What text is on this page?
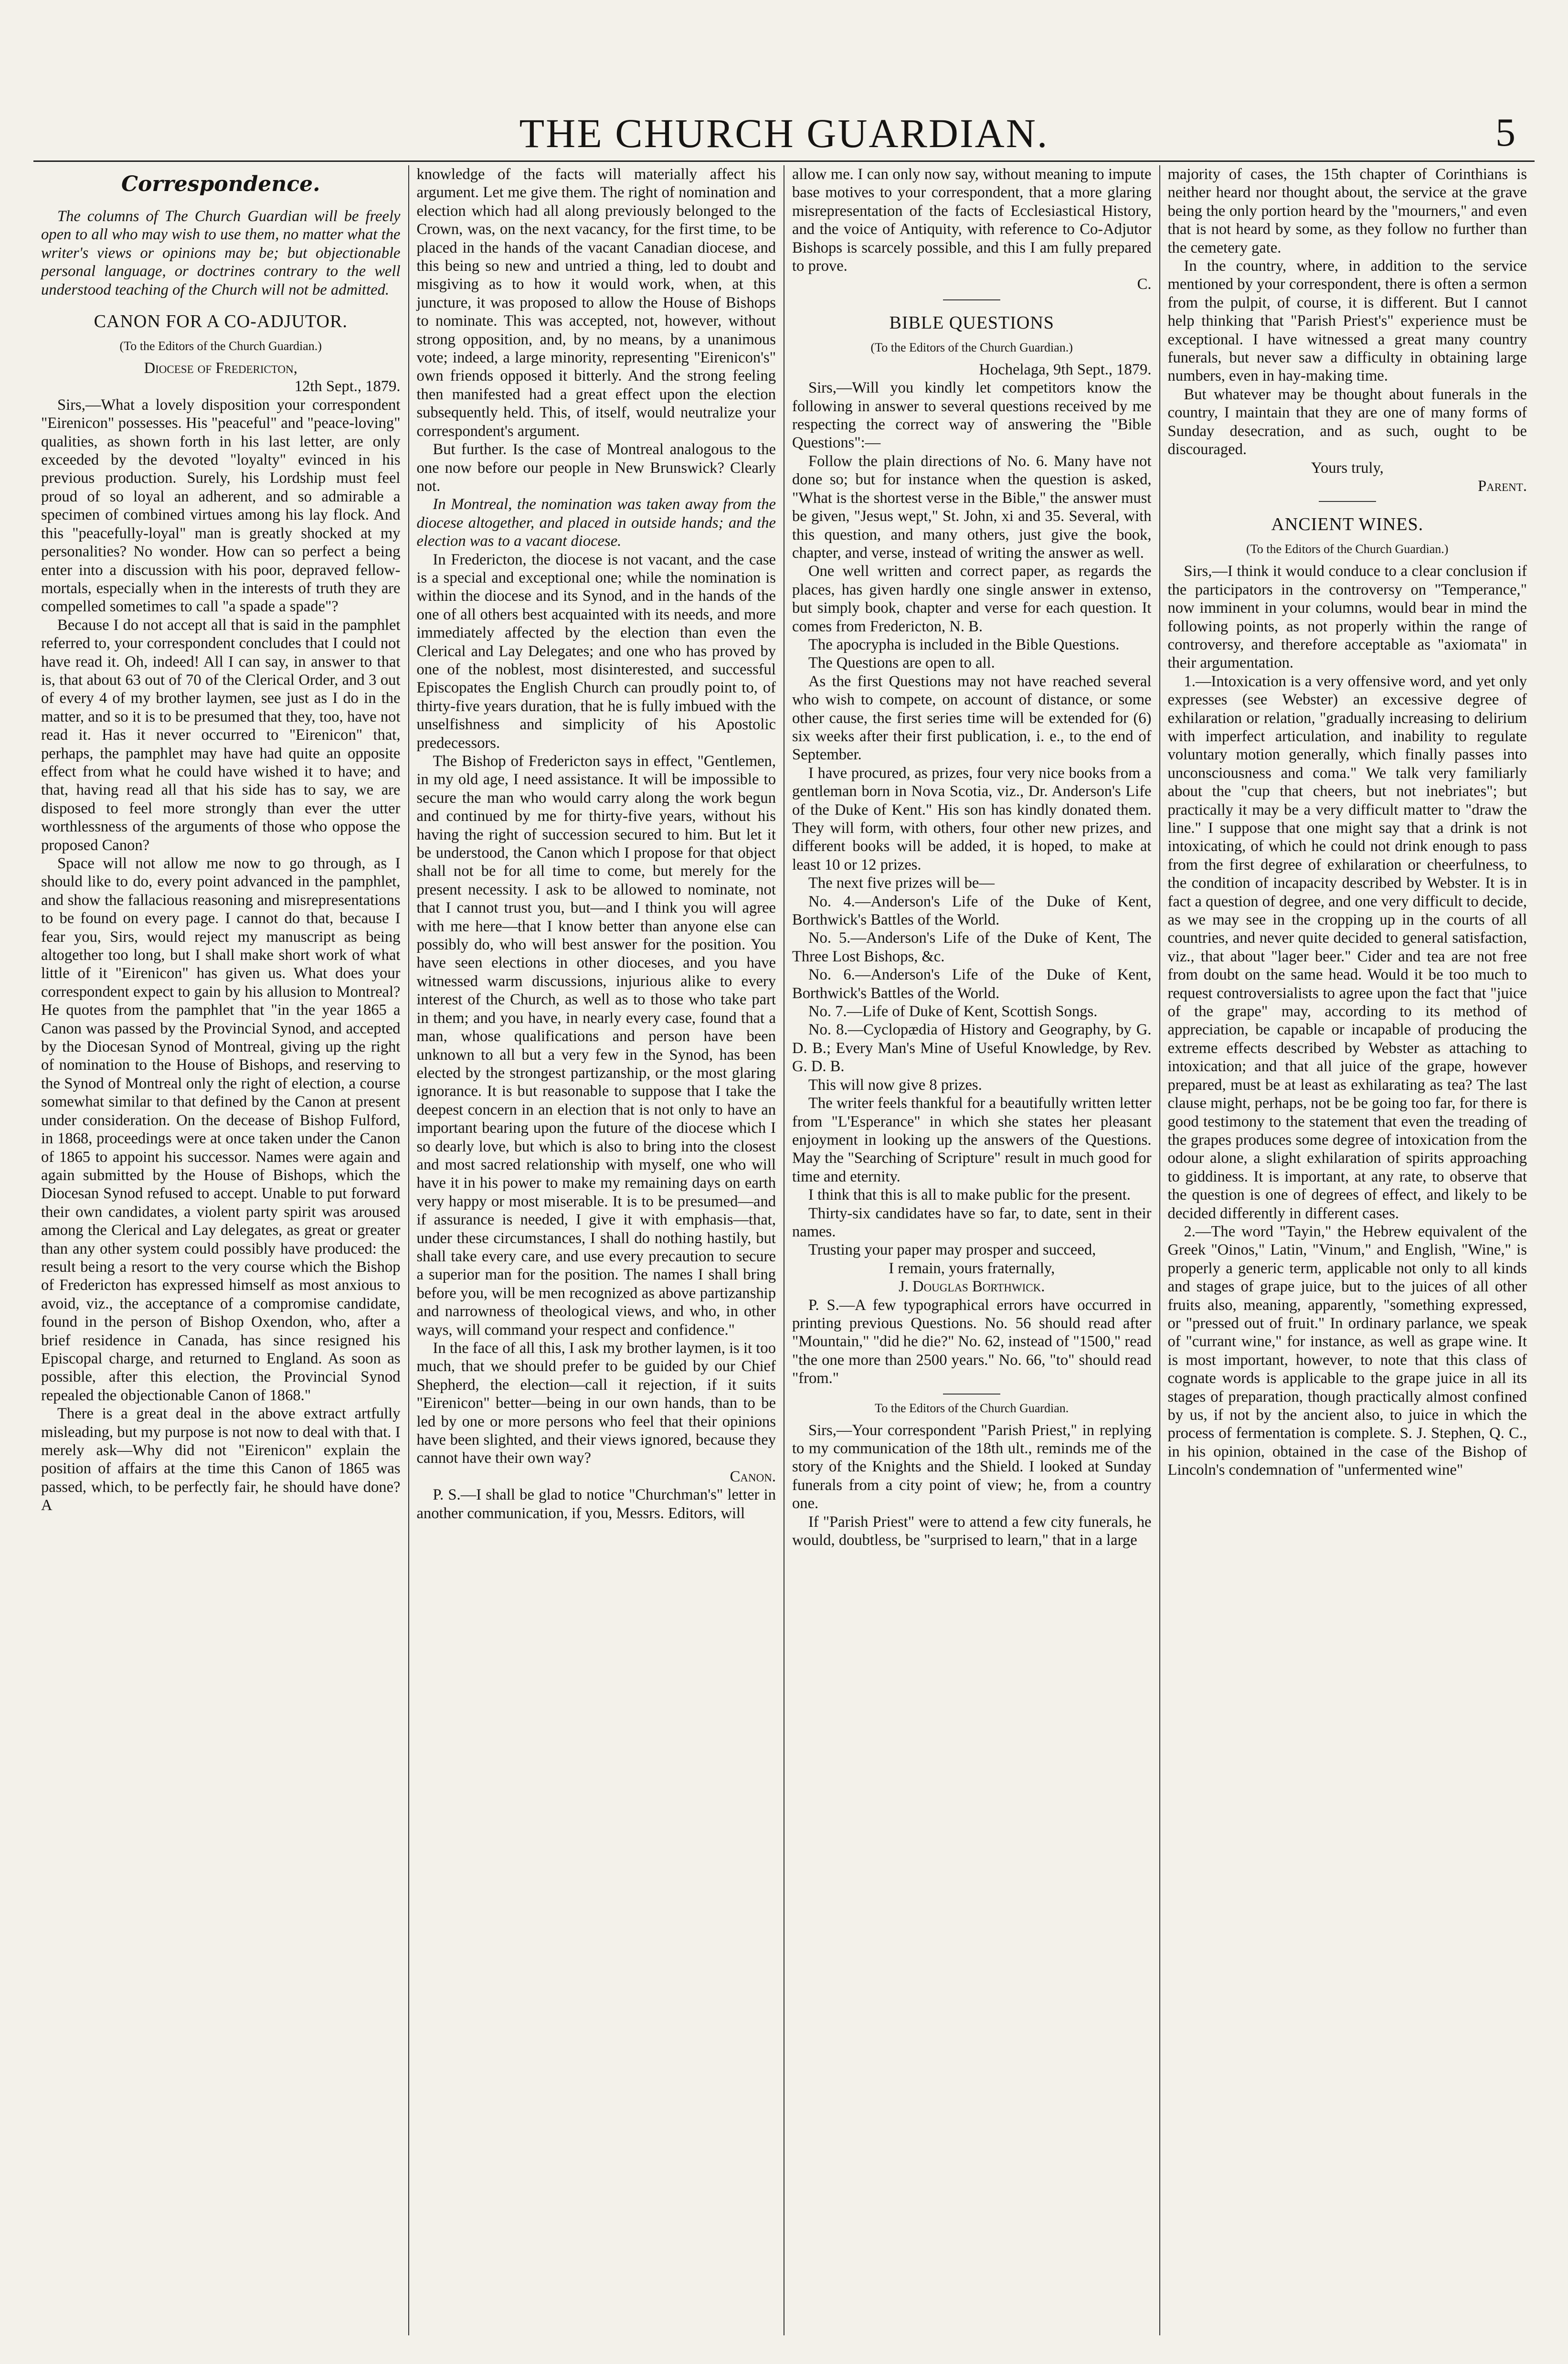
THE CHURCH GUARDIAN.	5
Correspondence.

The columns of The Church Guardian will be freely open to all who may wish to use them, no matter what the writer's views or opinions may be; but objectionable personal language, or doctrines contrary to the well understood teaching of the Church will not be admitted.

CANON FOR A CO-ADJUTOR.
(To the Editors of the Church Guardian.)

Diocese of Fredericton,

12th Sept., 1879.

Sirs,—What a lovely disposition your correspondent "Eirenicon" possesses. His "peaceful" and "peace-loving" qualities, as shown forth in his last letter, are only exceeded by the devoted "loyalty" evinced in his previous production. Surely, his Lordship must feel proud of so loyal an adherent, and so admirable a specimen of combined virtues among his lay flock. And this "peacefully-loyal" man is greatly shocked at my personalities? No wonder. How can so perfect a being enter into a discussion with his poor, depraved fellow-mortals, especially when in the interests of truth they are compelled sometimes to call "a spade a spade"?

Because I do not accept all that is said in the pamphlet referred to, your correspondent concludes that I could not have read it. Oh, indeed! All I can say, in answer to that is, that about 63 out of 70 of the Clerical Order, and 3 out of every 4 of my brother laymen, see just as I do in the matter, and so it is to be presumed that they, too, have not read it. Has it never occurred to "Eirenicon" that, perhaps, the pamphlet may have had quite an opposite effect from what he could have wished it to have; and that, having read all that his side has to say, we are disposed to feel more strongly than ever the utter worthlessness of the arguments of those who oppose the proposed Canon?

Space will not allow me now to go through, as I should like to do, every point advanced in the pamphlet, and show the fallacious reasoning and misrepresentations to be found on every page. I cannot do that, because I fear you, Sirs, would reject my manuscript as being altogether too long, but I shall make short work of what little of it "Eirenicon" has given us. What does your correspondent expect to gain by his allusion to Montreal? He quotes from the pamphlet that "in the year 1865 a Canon was passed by the Provincial Synod, and accepted by the Diocesan Synod of Montreal, giving up the right of nomination to the House of Bishops, and reserving to the Synod of Montreal only the right of election, a course somewhat similar to that defined by the Canon at present under consideration. On the decease of Bishop Fulford, in 1868, proceedings were at once taken under the Canon of 1865 to appoint his successor. Names were again and again submitted by the House of Bishops, which the Diocesan Synod refused to accept. Unable to put forward their own candidates, a violent party spirit was aroused among the Clerical and Lay delegates, as great or greater than any other system could possibly have produced: the result being a resort to the very course which the Bishop of Fredericton has expressed himself as most anxious to avoid, viz., the acceptance of a compromise candidate, found in the person of Bishop Oxendon, who, after a brief residence in Canada, has since resigned his Episcopal charge, and returned to England. As soon as possible, after this election, the Provincial Synod repealed the objectionable Canon of 1868."

There is a great deal in the above extract artfully misleading, but my purpose is not now to deal with that. I merely ask—Why did not "Eirenicon" explain the position of affairs at the time this Canon of 1865 was passed, which, to be perfectly fair, he should have done? A

knowledge of the facts will materially affect his argument. Let me give them. The right of nomination and election which had all along previously belonged to the Crown, was, on the next vacancy, for the first time, to be placed in the hands of the vacant Canadian diocese, and this being so new and untried a thing, led to doubt and misgiving as to how it would work, when, at this juncture, it was proposed to allow the House of Bishops to nominate. This was accepted, not, however, without strong opposition, and, by no means, by a unanimous vote; indeed, a large minority, representing "Eirenicon's" own friends opposed it bitterly. And the strong feeling then manifested had a great effect upon the election subsequently held. This, of itself, would neutralize your correspondent's argument.

But further. Is the case of Montreal analogous to the one now before our people in New Brunswick? Clearly not.

In Montreal, the nomination was taken away from the diocese altogether, and placed in outside hands; and the election was to a vacant diocese.

In Fredericton, the diocese is not vacant, and the case is a special and exceptional one; while the nomination is within the diocese and its Synod, and in the hands of the one of all others best acquainted with its needs, and more immediately affected by the election than even the Clerical and Lay Delegates; and one who has proved by one of the noblest, most disinterested, and successful Episcopates the English Church can proudly point to, of thirty-five years duration, that he is fully imbued with the unselfishness and simplicity of his Apostolic predecessors.

The Bishop of Fredericton says in effect, "Gentlemen, in my old age, I need assistance. It will be impossible to secure the man who would carry along the work begun and continued by me for thirty-five years, without his having the right of succession secured to him. But let it be understood, the Canon which I propose for that object shall not be for all time to come, but merely for the present necessity. I ask to be allowed to nominate, not that I cannot trust you, but—and I think you will agree with me here—that I know better than anyone else can possibly do, who will best answer for the position. You have seen elections in other dioceses, and you have witnessed warm discussions, injurious alike to every interest of the Church, as well as to those who take part in them; and you have, in nearly every case, found that a man, whose qualifications and person have been unknown to all but a very few in the Synod, has been elected by the strongest partizanship, or the most glaring ignorance. It is but reasonable to suppose that I take the deepest concern in an election that is not only to have an important bearing upon the future of the diocese which I so dearly love, but which is also to bring into the closest and most sacred relationship with myself, one who will have it in his power to make my remaining days on earth very happy or most miserable. It is to be presumed—and if assurance is needed, I give it with emphasis—that, under these circumstances, I shall do nothing hastily, but shall take every care, and use every precaution to secure a superior man for the position. The names I shall bring before you, will be men recognized as above partizanship and narrowness of theological views, and who, in other ways, will command your respect and confidence."

In the face of all this, I ask my brother laymen, is it too much, that we should prefer to be guided by our Chief Shepherd, the election—call it rejection, if it suits "Eirenicon" better—being in our own hands, than to be led by one or more persons who feel that their opinions have been slighted, and their views ignored, because they cannot have their own way?

Canon.

P. S.—I shall be glad to notice "Churchman's" letter in another communication, if you, Messrs. Editors, will

allow me. I can only now say, without meaning to impute base motives to your correspondent, that a more glaring misrepresentation of the facts of Ecclesiastical History, and the voice of Antiquity, with reference to Co-Adjutor Bishops is scarcely possible, and this I am fully prepared to prove.

C.

BIBLE QUESTIONS
(To the Editors of the Church Guardian.)

Hochelaga, 9th Sept., 1879.

Sirs,—Will you kindly let competitors know the following in answer to several questions received by me respecting the correct way of answering the "Bible Questions":—

Follow the plain directions of No. 6. Many have not done so; but for instance when the question is asked, "What is the shortest verse in the Bible," the answer must be given, "Jesus wept," St. John, xi and 35. Several, with this question, and many others, just give the book, chapter, and verse, instead of writing the answer as well.

One well written and correct paper, as regards the places, has given hardly one single answer in extenso, but simply book, chapter and verse for each question. It comes from Fredericton, N. B.

The apocrypha is included in the Bible Questions.

The Questions are open to all.

As the first Questions may not have reached several who wish to compete, on account of distance, or some other cause, the first series time will be extended for (6) six weeks after their first publication, i. e., to the end of September.

I have procured, as prizes, four very nice books from a gentleman born in Nova Scotia, viz., Dr. Anderson's Life of the Duke of Kent." His son has kindly donated them. They will form, with others, four other new prizes, and different books will be added, it is hoped, to make at least 10 or 12 prizes.

The next five prizes will be—

No. 4.—Anderson's Life of the Duke of Kent, Borthwick's Battles of the World.

No. 5.—Anderson's Life of the Duke of Kent, The Three Lost Bishops, &c.

No. 6.—Anderson's Life of the Duke of Kent, Borthwick's Battles of the World.

No. 7.—Life of Duke of Kent, Scottish Songs.

No. 8.—Cyclopædia of History and Geography, by G. D. B.; Every Man's Mine of Useful Knowledge, by Rev. G. D. B.

This will now give 8 prizes.

The writer feels thankful for a beautifully written letter from "L'Esperance" in which she states her pleasant enjoyment in looking up the answers of the Questions. May the "Searching of Scripture" result in much good for time and eternity.

I think that this is all to make public for the present.

Thirty-six candidates have so far, to date, sent in their names.

Trusting your paper may prosper and succeed,

I remain, yours fraternally,

J. Douglas Borthwick.

P. S.—A few typographical errors have occurred in printing previous Questions. No. 56 should read after "Mountain," "did he die?" No. 62, instead of "1500," read "the one more than 2500 years." No. 66, "to" should read "from."

To the Editors of the Church Guardian.

Sirs,—Your correspondent "Parish Priest," in replying to my communication of the 18th ult., reminds me of the story of the Knights and the Shield. I looked at Sunday funerals from a city point of view; he, from a country one.

If "Parish Priest" were to attend a few city funerals, he would, doubtless, be "surprised to learn," that in a large

majority of cases, the 15th chapter of Corinthians is neither heard nor thought about, the service at the grave being the only portion heard by the "mourners," and even that is not heard by some, as they follow no further than the cemetery gate.

In the country, where, in addition to the service mentioned by your correspondent, there is often a sermon from the pulpit, of course, it is different. But I cannot help thinking that "Parish Priest's" experience must be exceptional. I have witnessed a great many country funerals, but never saw a difficulty in obtaining large numbers, even in hay-making time.

But whatever may be thought about funerals in the country, I maintain that they are one of many forms of Sunday desecration, and as such, ought to be discouraged.

Yours truly,

Parent.

ANCIENT WINES.
(To the Editors of the Church Guardian.)

Sirs,—I think it would conduce to a clear conclusion if the participators in the controversy on "Temperance," now imminent in your columns, would bear in mind the following points, as not properly within the range of controversy, and therefore acceptable as "axiomata" in their argumentation.

1.—Intoxication is a very offensive word, and yet only expresses (see Webster) an excessive degree of exhilaration or relation, "gradually increasing to delirium with imperfect articulation, and inability to regulate voluntary motion generally, which finally passes into unconsciousness and coma." We talk very familiarly about the "cup that cheers, but not inebriates"; but practically it may be a very difficult matter to "draw the line." I suppose that one might say that a drink is not intoxicating, of which he could not drink enough to pass from the first degree of exhilaration or cheerfulness, to the condition of incapacity described by Webster. It is in fact a question of degree, and one very difficult to decide, as we may see in the cropping up in the courts of all countries, and never quite decided to general satisfaction, viz., that about "lager beer." Cider and tea are not free from doubt on the same head. Would it be too much to request controversialists to agree upon the fact that "juice of the grape" may, according to its method of appreciation, be capable or incapable of producing the extreme effects described by Webster as attaching to intoxication; and that all juice of the grape, however prepared, must be at least as exhilarating as tea? The last clause might, perhaps, not be be going too far, for there is good testimony to the statement that even the treading of the grapes produces some degree of intoxication from the odour alone, a slight exhilaration of spirits approaching to giddiness. It is important, at any rate, to observe that the question is one of degrees of effect, and likely to be decided differently in different cases.

2.—The word "Tayin," the Hebrew equivalent of the Greek "Oinos," Latin, "Vinum," and English, "Wine," is properly a generic term, applicable not only to all kinds and stages of grape juice, but to the juices of all other fruits also, meaning, apparently, "something expressed, or "pressed out of fruit." In ordinary parlance, we speak of "currant wine," for instance, as well as grape wine. It is most important, however, to note that this class of cognate words is applicable to the grape juice in all its stages of preparation, though practically almost confined by us, if not by the ancient also, to juice in which the process of fermentation is complete. S. J. Stephen, Q. C., in his opinion, obtained in the case of the Bishop of Lincoln's condemnation of "unfermented wine"
